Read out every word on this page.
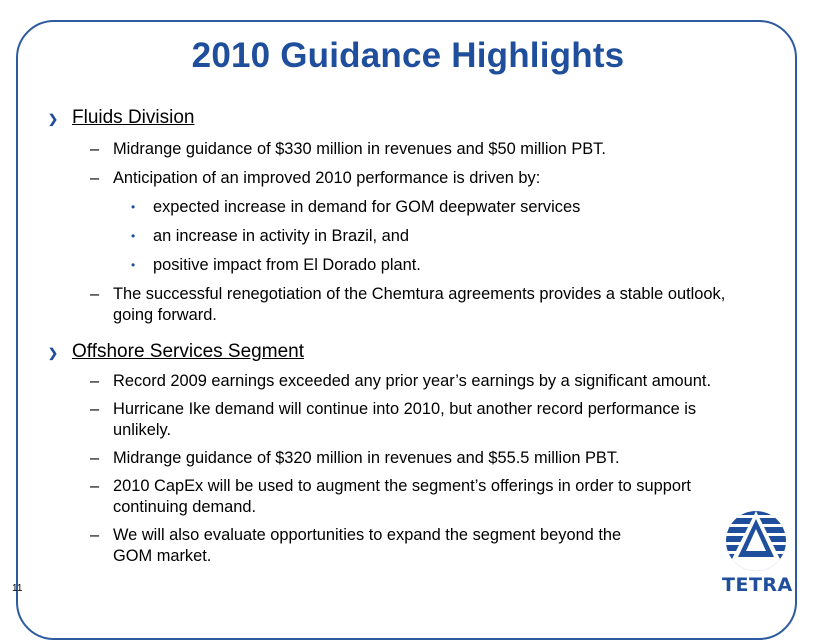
2010 Guidance Highlights
❯ Fluids Division
– Midrange guidance of $330 million in revenues and $50 million PBT.
– Anticipation of an improved 2010 performance is driven by:
• expected increase in demand for GOM deepwater services
• an increase in activity in Brazil, and
• positive impact from El Dorado plant.
– The successful renegotiation of the Chemtura agreements provides a stable outlook, going forward.
❯ Offshore Services Segment
– Record 2009 earnings exceeded any prior year’s earnings by a significant amount.
– Hurricane Ike demand will continue into 2010, but another record performance is unlikely.
– Midrange guidance of $320 million in revenues and $55.5 million PBT.
– 2010 CapEx will be used to augment the segment’s offerings in order to support continuing demand.
– We will also evaluate opportunities to expand the segment beyond the GOM market.
11	TETRA
